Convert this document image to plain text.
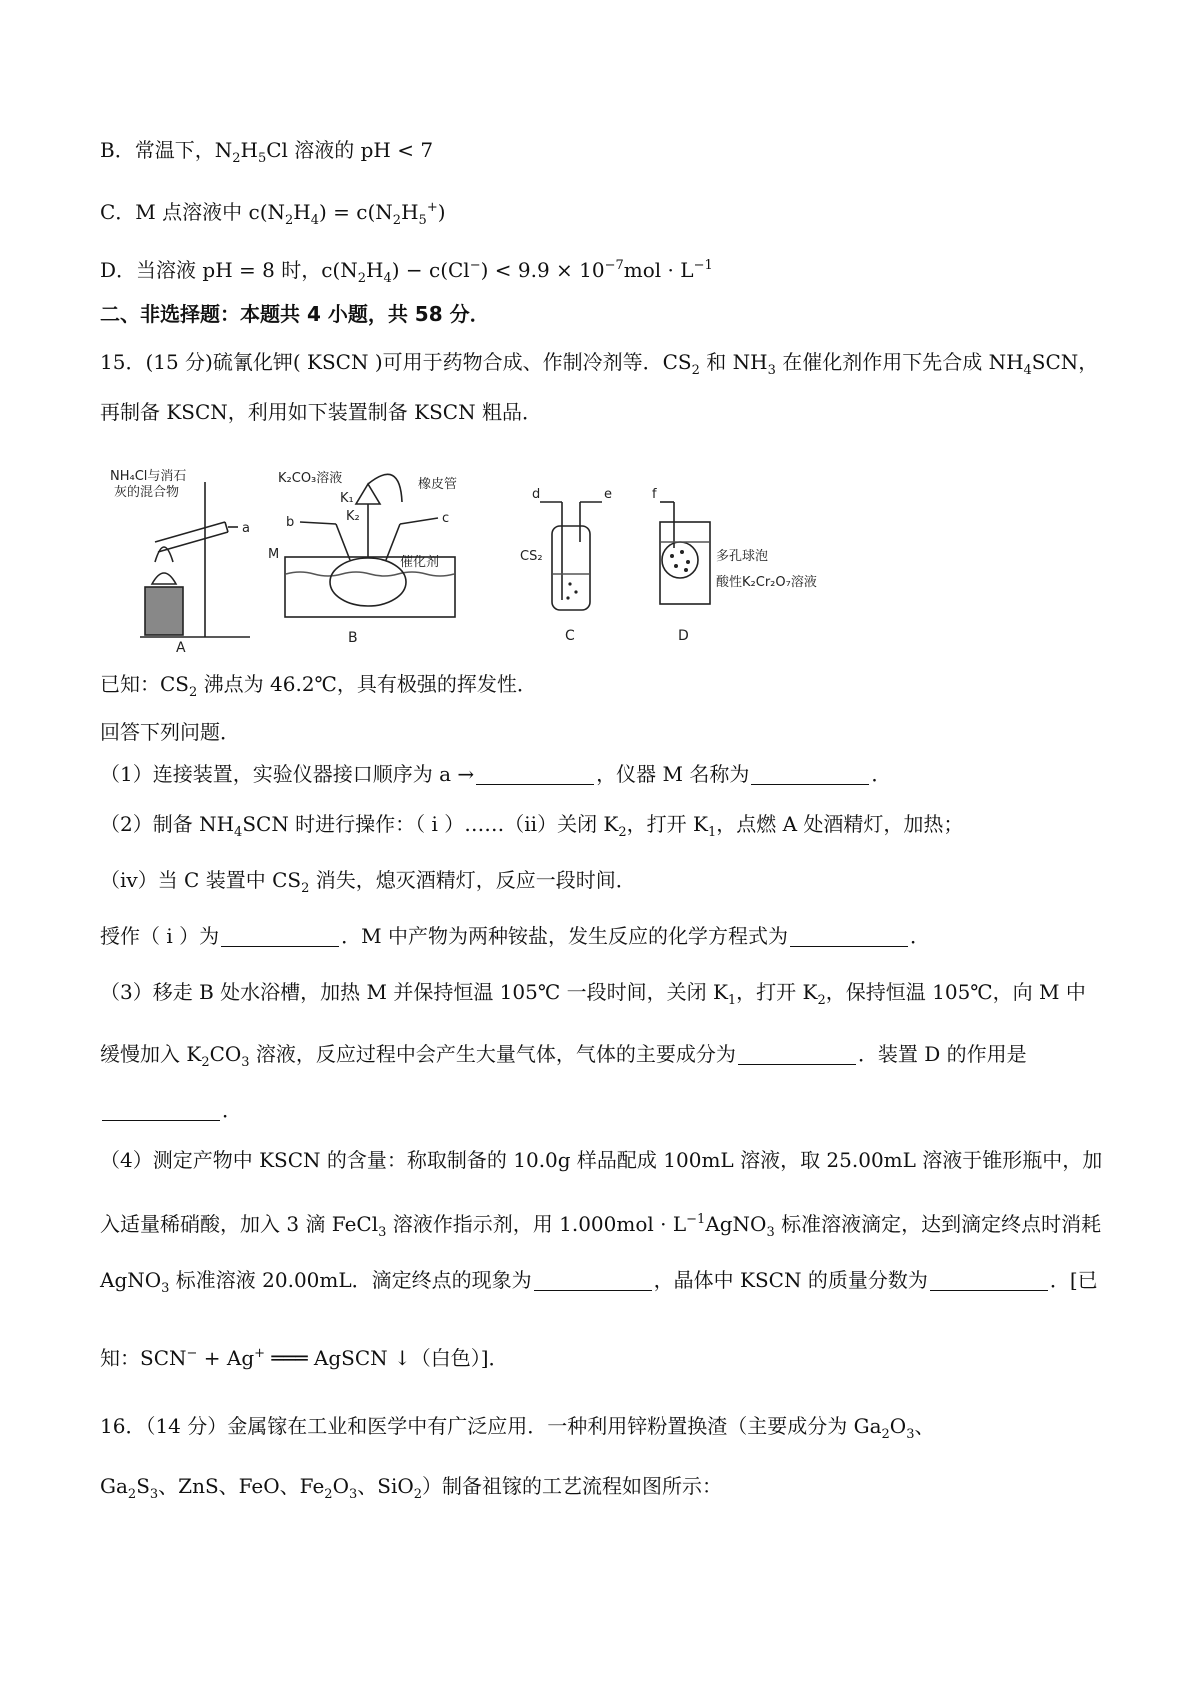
B．常温下，$N_2H_5Cl$ 溶液的 pH < 7
C．M 点溶液中 $c(N_2H_4) = c(N_2H_5^+)$
D．当溶液 pH = 8 时，$c(N_2H_4) - c(Cl^-) < 9.9 \times 10^{-7}mol \cdot L^{-1}$
二、非选择题：本题共 4 小题，共 58 分．
15．(15 分)硫氰化钾( KSCN )可用于药物合成、作制冷剂等．$CS_2$ 和 $NH_3$ 在催化剂作用下先合成 $NH_4SCN$，
再制备 KSCN，利用如下装置制备 KSCN 粗品．
NH₄Cl与消石
灰的混合物
a
A
K₂CO₃溶液	橡皮管
K₁
K₂
b	c
M
催化剂
B
d	e
CS₂
C
f
多孔球泡
酸性K₂Cr₂O₇溶液
D
已知：$CS_2$ 沸点为 46.2℃，具有极强的挥发性．
回答下列问题．
（1）连接装置，实验仪器接口顺序为 a →	，仪器 M 名称为	．
（2）制备 $NH_4SCN$ 时进行操作：（ i ）……（ii）关闭 $K_2$，打开 $K_1$，点燃 A 处酒精灯，加热；
（iv）当 C 装置中 $CS_2$ 消失，熄灭酒精灯，反应一段时间．
授作（ i ）为	．M 中产物为两种铵盐，发生反应的化学方程式为	．
（3）移走 B 处水浴槽，加热 M 并保持恒温 105℃ 一段时间，关闭 $K_1$，打开 $K_2$，保持恒温 105℃，向 M 中
缓慢加入 $K_2CO_3$ 溶液，反应过程中会产生大量气体，气体的主要成分为	．装置 D 的作用是
．
（4）测定产物中 KSCN 的含量：称取制备的 10.0g 样品配成 100mL 溶液，取 25.00mL 溶液于锥形瓶中，加
入适量稀硝酸，加入 3 滴 FeCl$_3$ 溶液作指示剂，用 $1.000mol \cdot L^{-1}AgNO_3$ 标准溶液滴定，达到滴定终点时消耗
AgNO$_3$ 标准溶液 20.00mL．滴定终点的现象为	，晶体中 KSCN 的质量分数为	．[已
知：SCN− + Ag+ ═══ AgSCN ↓（白色）]．
16．（14 分）金属镓在工业和医学中有广泛应用．一种利用锌粉置换渣（主要成分为 $Ga_2O_3$、
$Ga_2S_3$、ZnS、FeO、$Fe_2O_3$、SiO$_2$）制备祖镓的工艺流程如图所示：
